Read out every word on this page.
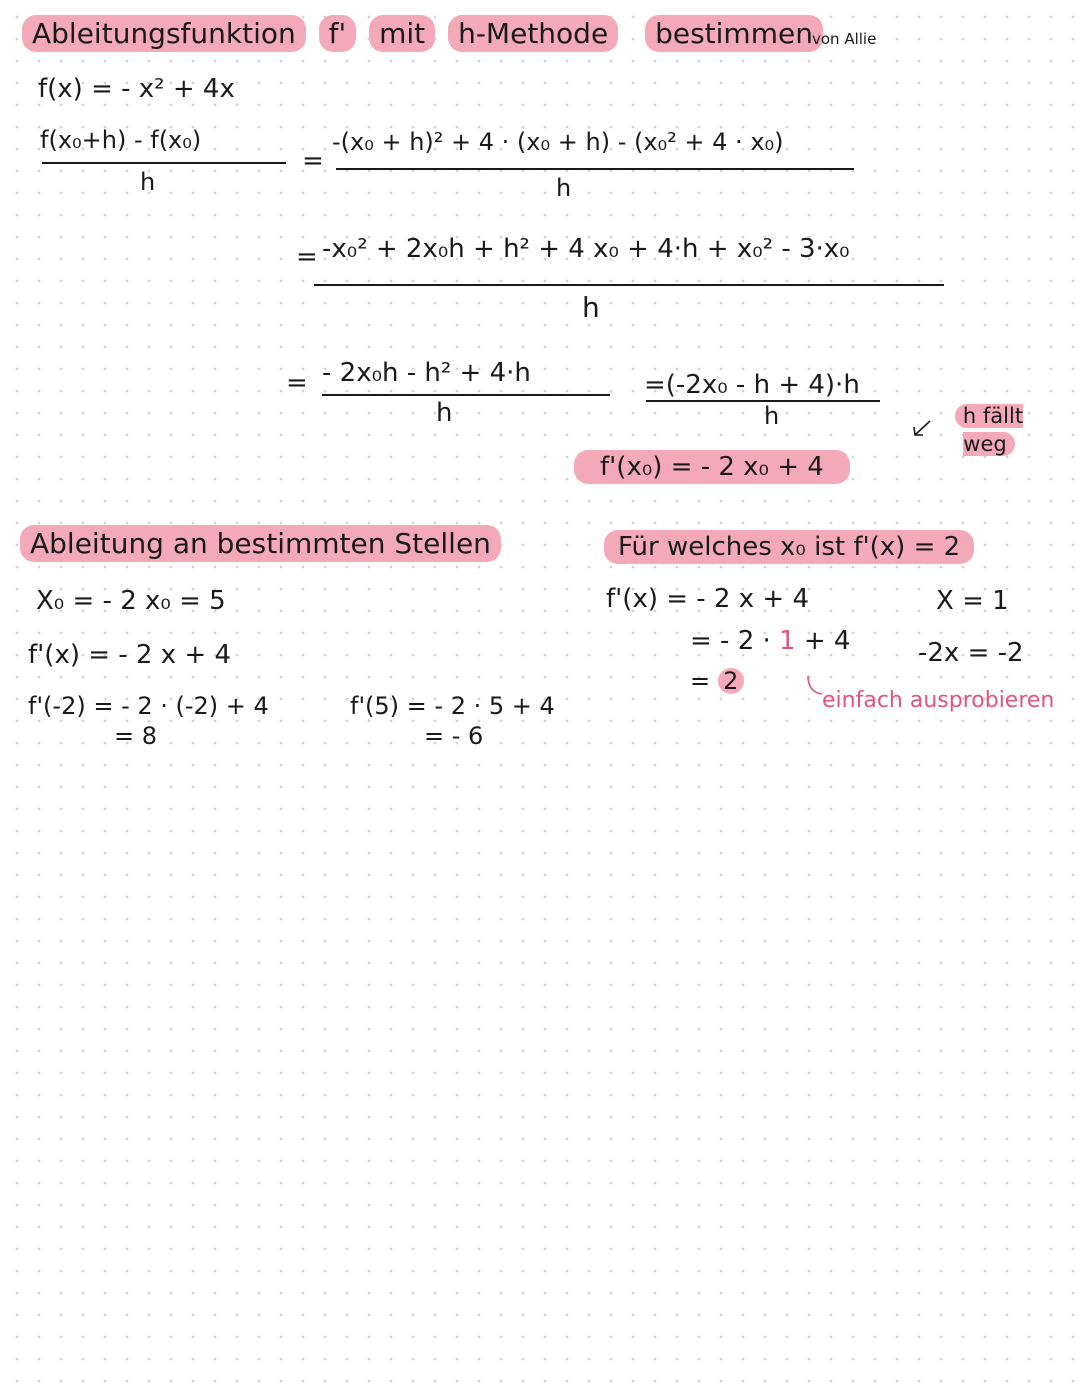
Ableitungsfunktion f' mit h-Methode bestimmen von Allie
f(x) = - x² + 4x
f(x₀+h) - f(x₀)
h
=
-(x₀ + h)² + 4 · (x₀ + h) - (x₀² + 4 · x₀)
h
= -x₀² + 2x₀h + h² + 4 x₀ + 4·h + x₀² - 3·x₀
h
= - 2x₀h - h² + 4·h
h
=(-2x₀ - h + 4)·h
h	h fällt weg
f'(x₀) = - 2 x₀ + 4
Ableitung an bestimmten Stellen
X₀ = - 2 x₀ = 5
f'(x) = - 2 x + 4
f'(-2) = - 2 · (-2) + 4
= 8
f'(5) = - 2 · 5 + 4
= - 6
Für welches x₀ ist f'(x) = 2
f'(x) = - 2 x + 4
= - 2 · 1 + 4
= 2
X = 1
-2x = -2
einfach ausprobieren
